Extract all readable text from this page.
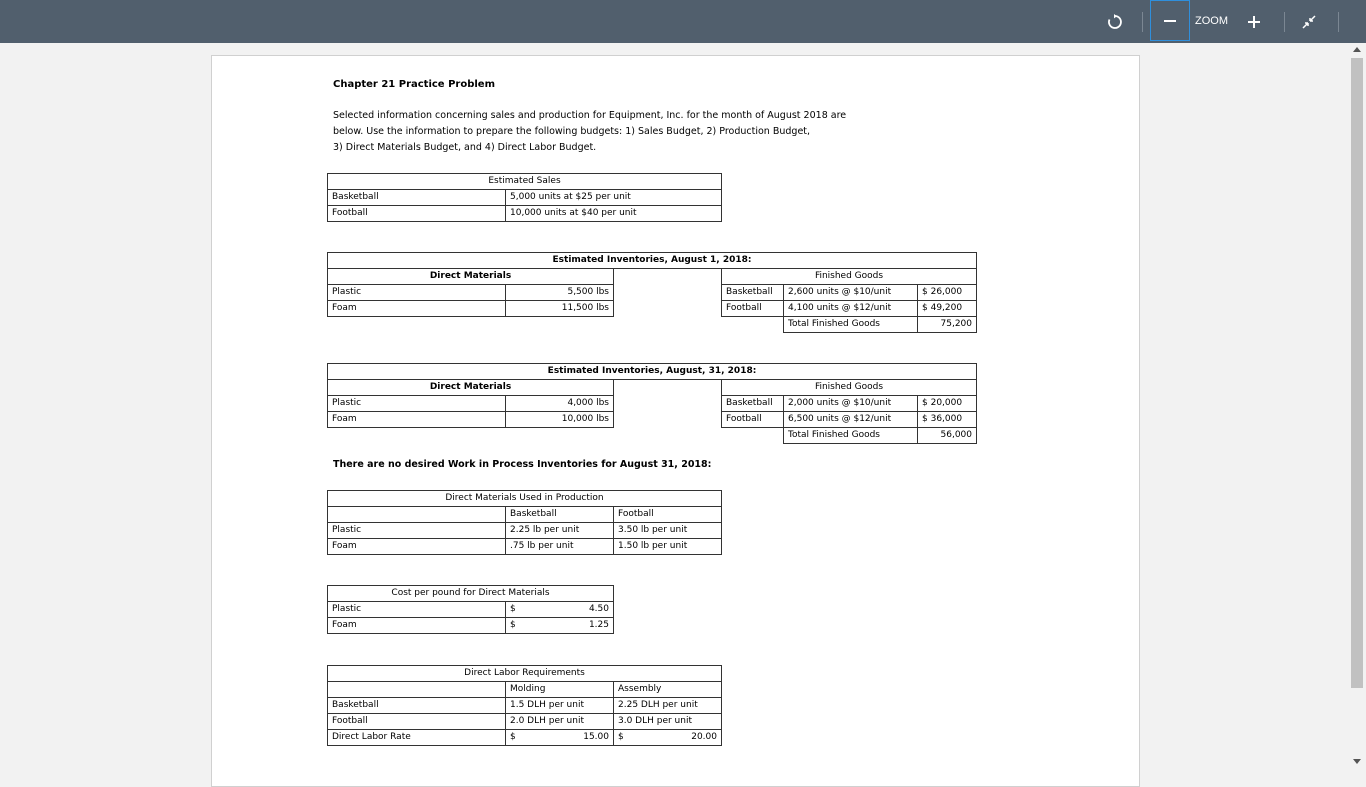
ZOOM
Chapter 21 Practice Problem
Selected information concerning sales and production for Equipment, Inc. for the month of August 2018 are
below. Use the information to prepare the following budgets: 1) Sales Budget, 2) Production Budget,
3) Direct Materials Budget, and 4) Direct Labor Budget.
Estimated Sales	
Basketball	5,000 units at $25 per unit
Football	10,000 units at $40 per unit
Estimated Inventories, August 1, 2018:					
Direct Materials			Finished Goods		
Plastic	5,500 lbs		Basketball	2,600 units @ $10/unit	$ 26,000
Foam	11,500 lbs		Football	4,100 units @ $12/unit	$ 49,200
				Total Finished Goods	75,200
Estimated Inventories, August, 31, 2018:					
Direct Materials			Finished Goods		
Plastic	4,000 lbs		Basketball	2,000 units @ $10/unit	$ 20,000
Foam	10,000 lbs		Football	6,500 units @ $12/unit	$ 36,000
				Total Finished Goods	56,000
There are no desired Work in Process Inventories for August 31, 2018:
Direct Materials Used in Production		
	Basketball	Football
Plastic	2.25 lb per unit	3.50 lb per unit
Foam	.75 lb per unit	1.50 lb per unit
Cost per pound for Direct Materials	
Plastic	$ 4.50

Foam	$ 1.25
Direct Labor Requirements		
	Molding	Assembly
Basketball	1.5 DLH per unit	2.25 DLH per unit
Football	2.0 DLH per unit	3.0 DLH per unit
Direct Labor Rate	$ 15.00	$ 20.00
